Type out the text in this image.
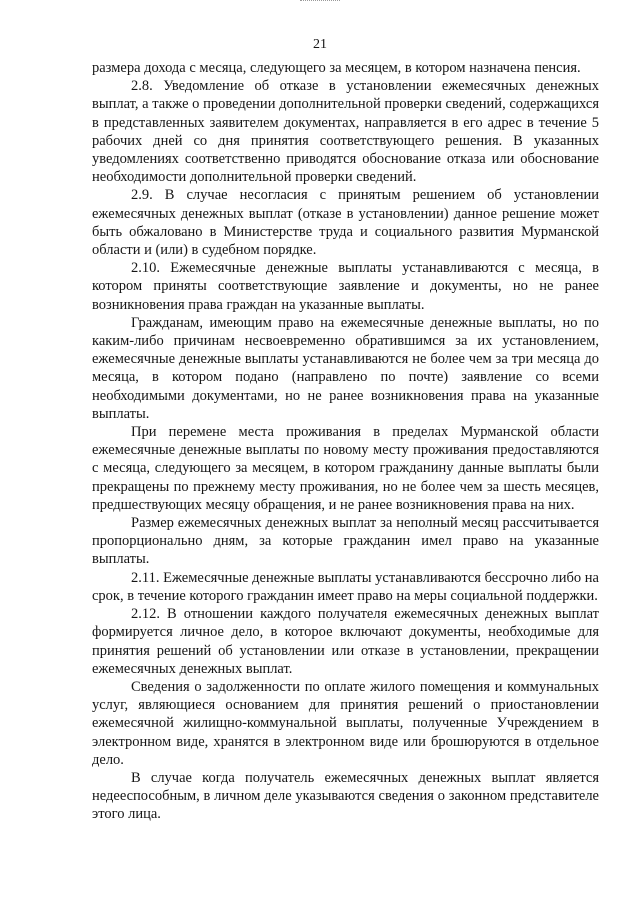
21

размера дохода с месяца, следующего за месяцем, в котором назначена пенсия.

2.8. Уведомление об отказе в установлении ежемесячных денежных выплат, а также о проведении дополнительной проверки сведений, содержащихся в представленных заявителем документах, направляется в его адрес в течение 5 рабочих дней со дня принятия соответствующего решения. В указанных уведомлениях соответственно приводятся обоснование отказа или обоснование необходимости дополнительной проверки сведений.

2.9. В случае несогласия с принятым решением об установлении ежемесячных денежных выплат (отказе в установлении) данное решение может быть обжаловано в Министерстве труда и социального развития Мурманской области и (или) в судебном порядке.

2.10. Ежемесячные денежные выплаты устанавливаются с месяца, в котором приняты соответствующие заявление и документы, но не ранее возникновения права граждан на указанные выплаты.

Гражданам, имеющим право на ежемесячные денежные выплаты, но по каким-либо причинам несвоевременно обратившимся за их установлением, ежемесячные денежные выплаты устанавливаются не более чем за три месяца до месяца, в котором подано (направлено по почте) заявление со всеми необходимыми документами, но не ранее возникновения права на указанные выплаты.

При перемене места проживания в пределах Мурманской области ежемесячные денежные выплаты по новому месту проживания предоставляются с месяца, следующего за месяцем, в котором гражданину данные выплаты были прекращены по прежнему месту проживания, но не более чем за шесть месяцев, предшествующих месяцу обращения, и не ранее возникновения права на них.

Размер ежемесячных денежных выплат за неполный месяц рассчитывается пропорционально дням, за которые гражданин имел право на указанные выплаты.

2.11. Ежемесячные денежные выплаты устанавливаются бессрочно либо на срок, в течение которого гражданин имеет право на меры социальной поддержки.

2.12. В отношении каждого получателя ежемесячных денежных выплат формируется личное дело, в которое включают документы, необходимые для принятия решений об установлении или отказе в установлении, прекращении ежемесячных денежных выплат.

Сведения о задолженности по оплате жилого помещения и коммунальных услуг, являющиеся основанием для принятия решений о приостановлении ежемесячной жилищно-коммунальной выплаты, полученные Учреждением в электронном виде, хранятся в электронном виде или брошюруются в отдельное дело.

В случае когда получатель ежемесячных денежных выплат является недееспособным, в личном деле указываются сведения о законном представителе этого лица.
